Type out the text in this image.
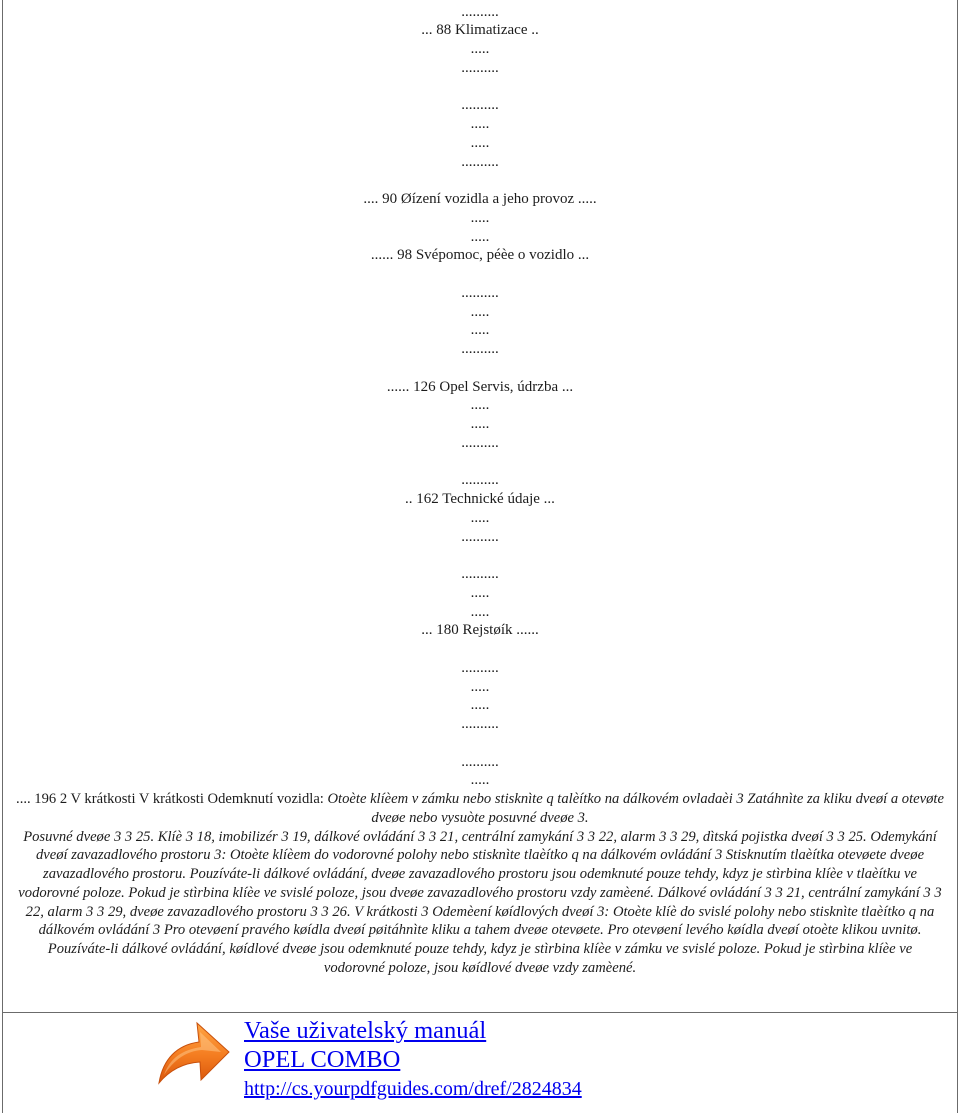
..........
... 88 Klimatizace ..
.....
..........
..........
.....
.....
..........
.... 90 Øízení vozidla a jeho provoz .....
.....
.....
...... 98 Svépomoc, péèe o vozidlo ...
..........
.....
.....
..........
...... 126 Opel Servis, údrzba ...
.....
.....
..........
..........
.. 162 Technické údaje ...
.....
..........
..........
.....
.....
... 180 Rejstøík ......
..........
.....
.....
..........
..........
.....
.... 196 2 V krátkosti V krátkosti Odemknutí vozidla: Otoète klíèem v zámku nebo stisknìte q talèítko na dálkovém ovladaèi 3 Zatáhnìte za kliku dveøí a otevøte
dveøe nebo vysuòte posuvné dveøe 3.
Posuvné dveøe 3 3 25. Klíè 3 18, imobilizér 3 19, dálkové ovládání 3 3 21, centrální zamykání 3 3 22, alarm 3 3 29, dìtská pojistka dveøí 3 3 25. Odemykání
dveøí zavazadlového prostoru 3: Otoète klíèem do vodorovné polohy nebo stisknìte tlaèítko q na dálkovém ovládání 3 Stisknutím tlaèítka otevøete dveøe
zavazadlového prostoru. Pouzíváte-li dálkové ovládání, dveøe zavazadlového prostoru jsou odemknuté pouze tehdy, kdyz je stìrbina klíèe v tlaèítku ve
vodorovné poloze. Pokud je stìrbina klíèe ve svislé poloze, jsou dveøe zavazadlového prostoru vzdy zamèené. Dálkové ovládání 3 3 21, centrální zamykání 3 3
22, alarm 3 3 29, dveøe zavazadlového prostoru 3 3 26. V krátkosti 3 Odemèení køídlových dveøí 3: Otoète klíè do svislé polohy nebo stisknìte tlaèítko q na
dálkovém ovládání 3 Pro otevøení pravého køídla dveøí pøitáhnìte kliku a tahem dveøe otevøete. Pro otevøení levého køídla dveøí otoète klikou uvnitø.
Pouzíváte-li dálkové ovládání, køídlové dveøe jsou odemknuté pouze tehdy, kdyz je stìrbina klíèe v zámku ve svislé poloze. Pokud je stìrbina klíèe ve
vodorovné poloze, jsou køídlové dveøe vzdy zamèené.
Vaše uživatelský manuál
OPEL COMBO
http://cs.yourpdfguides.com/dref/2824834
